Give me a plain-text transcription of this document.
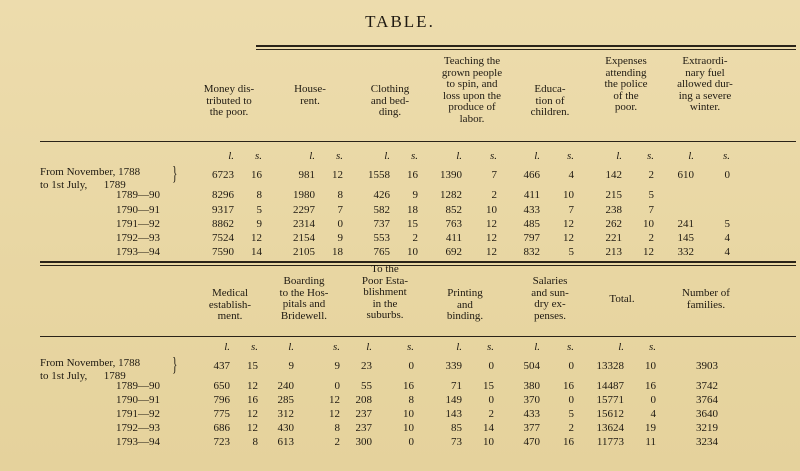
TABLE.
Money dis-
tributed to
the poor.
House-
rent.
Clothing
and bed-
ding.
Teaching the
grown people
to spin, and
loss upon the
produce of
labor.
Educa-
tion of
children.
Expenses
attending
the police
of the
poor.
Extraordi-
nary fuel
allowed dur-
ing a severe
winter.
l.	s.	l.	s.	l.	s.	l.	s.	l.	s.	l.	s.	l.	s.
From November, 1788
to 1st July,      1789	}	6723	16	981	12	1558	16	1390	7	466	4	142	2	610	0
1789—90	8296	8	1980	8	426	9	1282	2	411	10	215	5
1790—91	9317	5	2297	7	582	18	852	10	433	7	238	7
1791—92	8862	9	2314	0	737	15	763	12	485	12	262	10	241	5
1792—93	7524	12	2154	9	553	2	411	12	797	12	221	2	145	4
1793—94	7590	14	2105	18	765	10	692	12	832	5	213	12	332	4
Medical
establish-
ment.
Boarding
to the Hos-
pitals and
Bridewell.
To the
Poor Esta-
blishment
in the
suburbs.
Printing
and
binding.
Salaries
and sun-
dry ex-
penses.
Total.	Number of
families.
l.	s.	l.	s.	l.	s.	l.	s.	l.	s.	l.	s.
From November, 1788
to 1st July,      1789	}	437	15	9	9	23	0	339	0	504	0	13328	10	3903
1789—90	650	12	240	0	55	16	71	15	380	16	14487	16	3742
1790—91	796	16	285	12	208	8	149	0	370	0	15771	0	3764
1791—92	775	12	312	12	237	10	143	2	433	5	15612	4	3640
1792—93	686	12	430	8	237	10	85	14	377	2	13624	19	3219
1793—94	723	8	613	2	300	0	73	10	470	16	11773	11	3234
